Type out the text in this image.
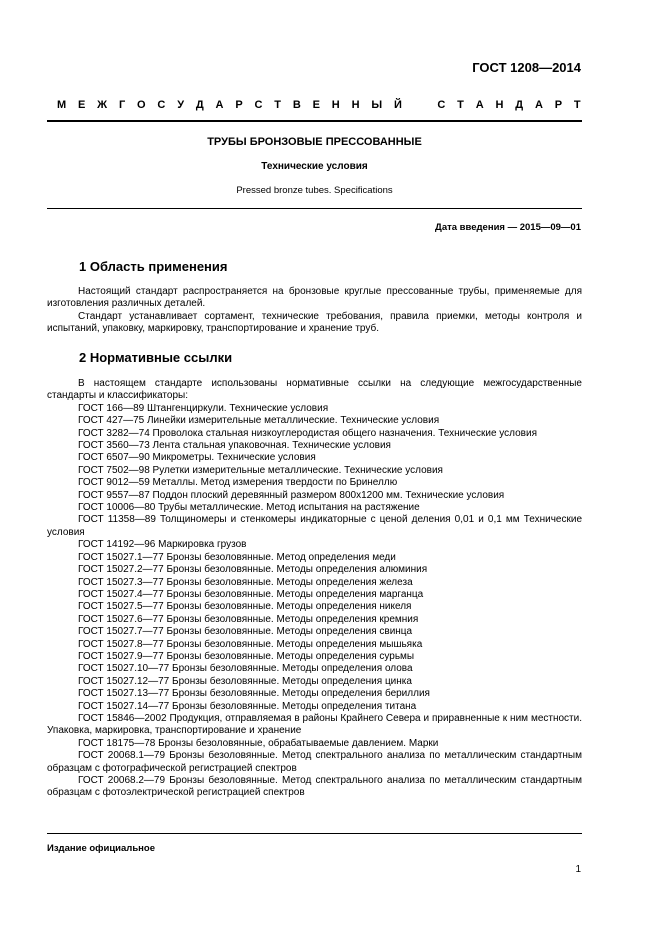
ГОСТ 1208—2014
М Е Ж Г О С У Д А Р С Т В Е Н Н Ы Й	С Т А Н Д А Р Т
ТРУБЫ БРОНЗОВЫЕ ПРЕССОВАННЫЕ
Технические условия
Pressed bronze tubes. Specifications
Дата введения — 2015—09—01
1 Область применения

Настоящий стандарт распространяется на бронзовые круглые прессованные трубы, применяемые для изготовления различных деталей.

Стандарт устанавливает сортамент, технические требования, правила приемки, методы контроля и испытаний, упаковку, маркировку, транспортирование и хранение труб.

2 Нормативные ссылки

В настоящем стандарте использованы нормативные ссылки на следующие межгосударственные стандарты и классификаторы:

ГОСТ 166—89 Штангенциркули. Технические условия

ГОСТ 427—75 Линейки измерительные металлические. Технические условия

ГОСТ 3282—74 Проволока стальная низкоуглеродистая общего назначения. Технические условия

ГОСТ 3560—73 Лента стальная упаковочная. Технические условия

ГОСТ 6507—90 Микрометры. Технические условия

ГОСТ 7502—98 Рулетки измерительные металлические. Технические условия

ГОСТ 9012—59 Металлы. Метод измерения твердости по Бринеллю

ГОСТ 9557—87 Поддон плоский деревянный размером 800х1200 мм. Технические условия

ГОСТ 10006—80 Трубы металлические. Метод испытания на растяжение

ГОСТ 11358—89 Толщиномеры и стенкомеры индикаторные с ценой деления 0,01 и 0,1 мм Технические условия

ГОСТ 14192—96 Маркировка грузов

ГОСТ 15027.1—77 Бронзы безоловянные. Метод определения меди

ГОСТ 15027.2—77 Бронзы безоловянные. Методы определения алюминия

ГОСТ 15027.3—77 Бронзы безоловянные. Методы определения железа

ГОСТ 15027.4—77 Бронзы безоловянные. Методы определения марганца

ГОСТ 15027.5—77 Бронзы безоловянные. Методы определения никеля

ГОСТ 15027.6—77 Бронзы безоловянные. Методы определения кремния

ГОСТ 15027.7—77 Бронзы безоловянные. Методы определения свинца

ГОСТ 15027.8—77 Бронзы безоловянные. Методы определения мышьяка

ГОСТ 15027.9—77 Бронзы безоловянные. Методы определения сурьмы

ГОСТ 15027.10—77 Бронзы безоловянные. Методы определения олова

ГОСТ 15027.12—77 Бронзы безоловянные. Методы определения цинка

ГОСТ 15027.13—77 Бронзы безоловянные. Методы определения бериллия

ГОСТ 15027.14—77 Бронзы безоловянные. Методы определения титана

ГОСТ 15846—2002 Продукция, отправляемая в районы Крайнего Севера и приравненные к ним местности. Упаковка, маркировка, транспортирование и хранение

ГОСТ 18175—78 Бронзы безоловянные, обрабатываемые давлением. Марки

ГОСТ 20068.1—79 Бронзы безоловянные. Метод спектрального анализа по металлическим стандартным образцам с фотографической регистрацией спектров

ГОСТ 20068.2—79 Бронзы безоловянные. Метод спектрального анализа по металлическим стандартным образцам с фотоэлектрической регистрацией спектров

Издание официальное
1
